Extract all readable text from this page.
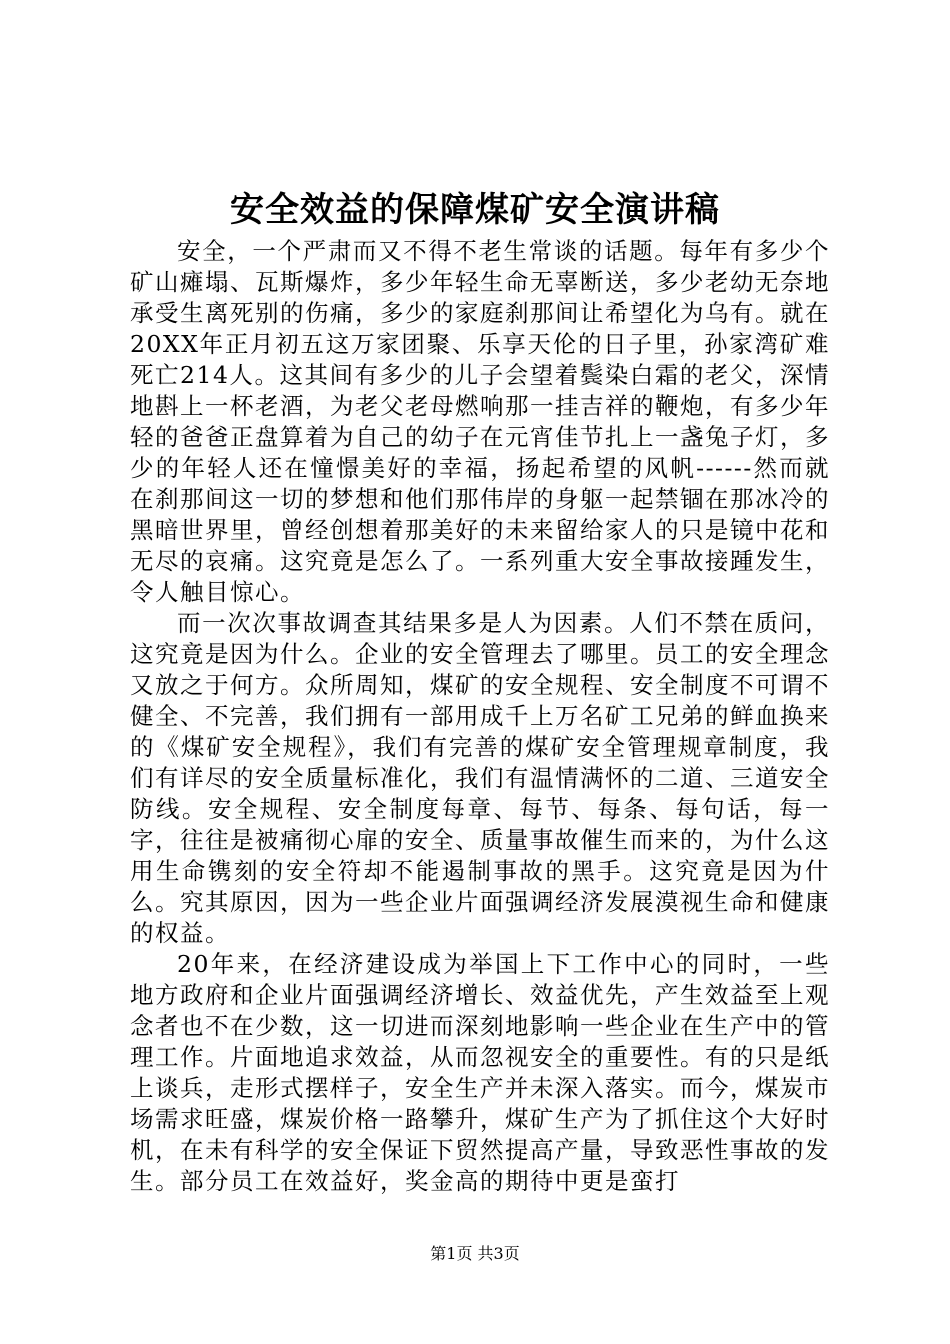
安全效益的保障煤矿安全演讲稿

安全，一个严肃而又不得不老生常谈的话题。每年有多少个矿山瘫塌、瓦斯爆炸，多少年轻生命无辜断送，多少老幼无奈地承受生离死别的伤痛，多少的家庭刹那间让希望化为乌有。就在20XX年正月初五这万家团聚、乐享天伦的日子里，孙家湾矿难死亡214人。这其间有多少的儿子会望着鬓染白霜的老父，深情地斟上一杯老酒，为老父老母燃响那一挂吉祥的鞭炮，有多少年轻的爸爸正盘算着为自己的幼子在元宵佳节扎上一盏兔子灯，多少的年轻人还在憧憬美好的幸福，扬起希望的风帆------然而就在刹那间这一切的梦想和他们那伟岸的身躯一起禁锢在那冰冷的黑暗世界里，曾经创想着那美好的未来留给家人的只是镜中花和无尽的哀痛。这究竟是怎么了。一系列重大安全事故接踵发生，令人触目惊心。

而一次次事故调查其结果多是人为因素。人们不禁在质问，这究竟是因为什么。企业的安全管理去了哪里。员工的安全理念又放之于何方。众所周知，煤矿的安全规程、安全制度不可谓不健全、不完善，我们拥有一部用成千上万名矿工兄弟的鲜血换来的《煤矿安全规程》，我们有完善的煤矿安全管理规章制度，我们有详尽的安全质量标准化，我们有温情满怀的二道、三道安全防线。安全规程、安全制度每章、每节、每条、每句话，每一字，往往是被痛彻心扉的安全、质量事故催生而来的，为什么这用生命镌刻的安全符却不能遏制事故的黑手。这究竟是因为什么。究其原因，因为一些企业片面强调经济发展漠视生命和健康的权益。

20年来，在经济建设成为举国上下工作中心的同时，一些地方政府和企业片面强调经济增长、效益优先，产生效益至上观念者也不在少数，这一切进而深刻地影响一些企业在生产中的管理工作。片面地追求效益，从而忽视安全的重要性。有的只是纸上谈兵，走形式摆样子，安全生产并未深入落实。而今，煤炭市场需求旺盛，煤炭价格一路攀升，煤矿生产为了抓住这个大好时机，在未有科学的安全保证下贸然提高产量，导致恶性事故的发生。部分员工在效益好，奖金高的期待中更是蛮打

第1页 共3页
